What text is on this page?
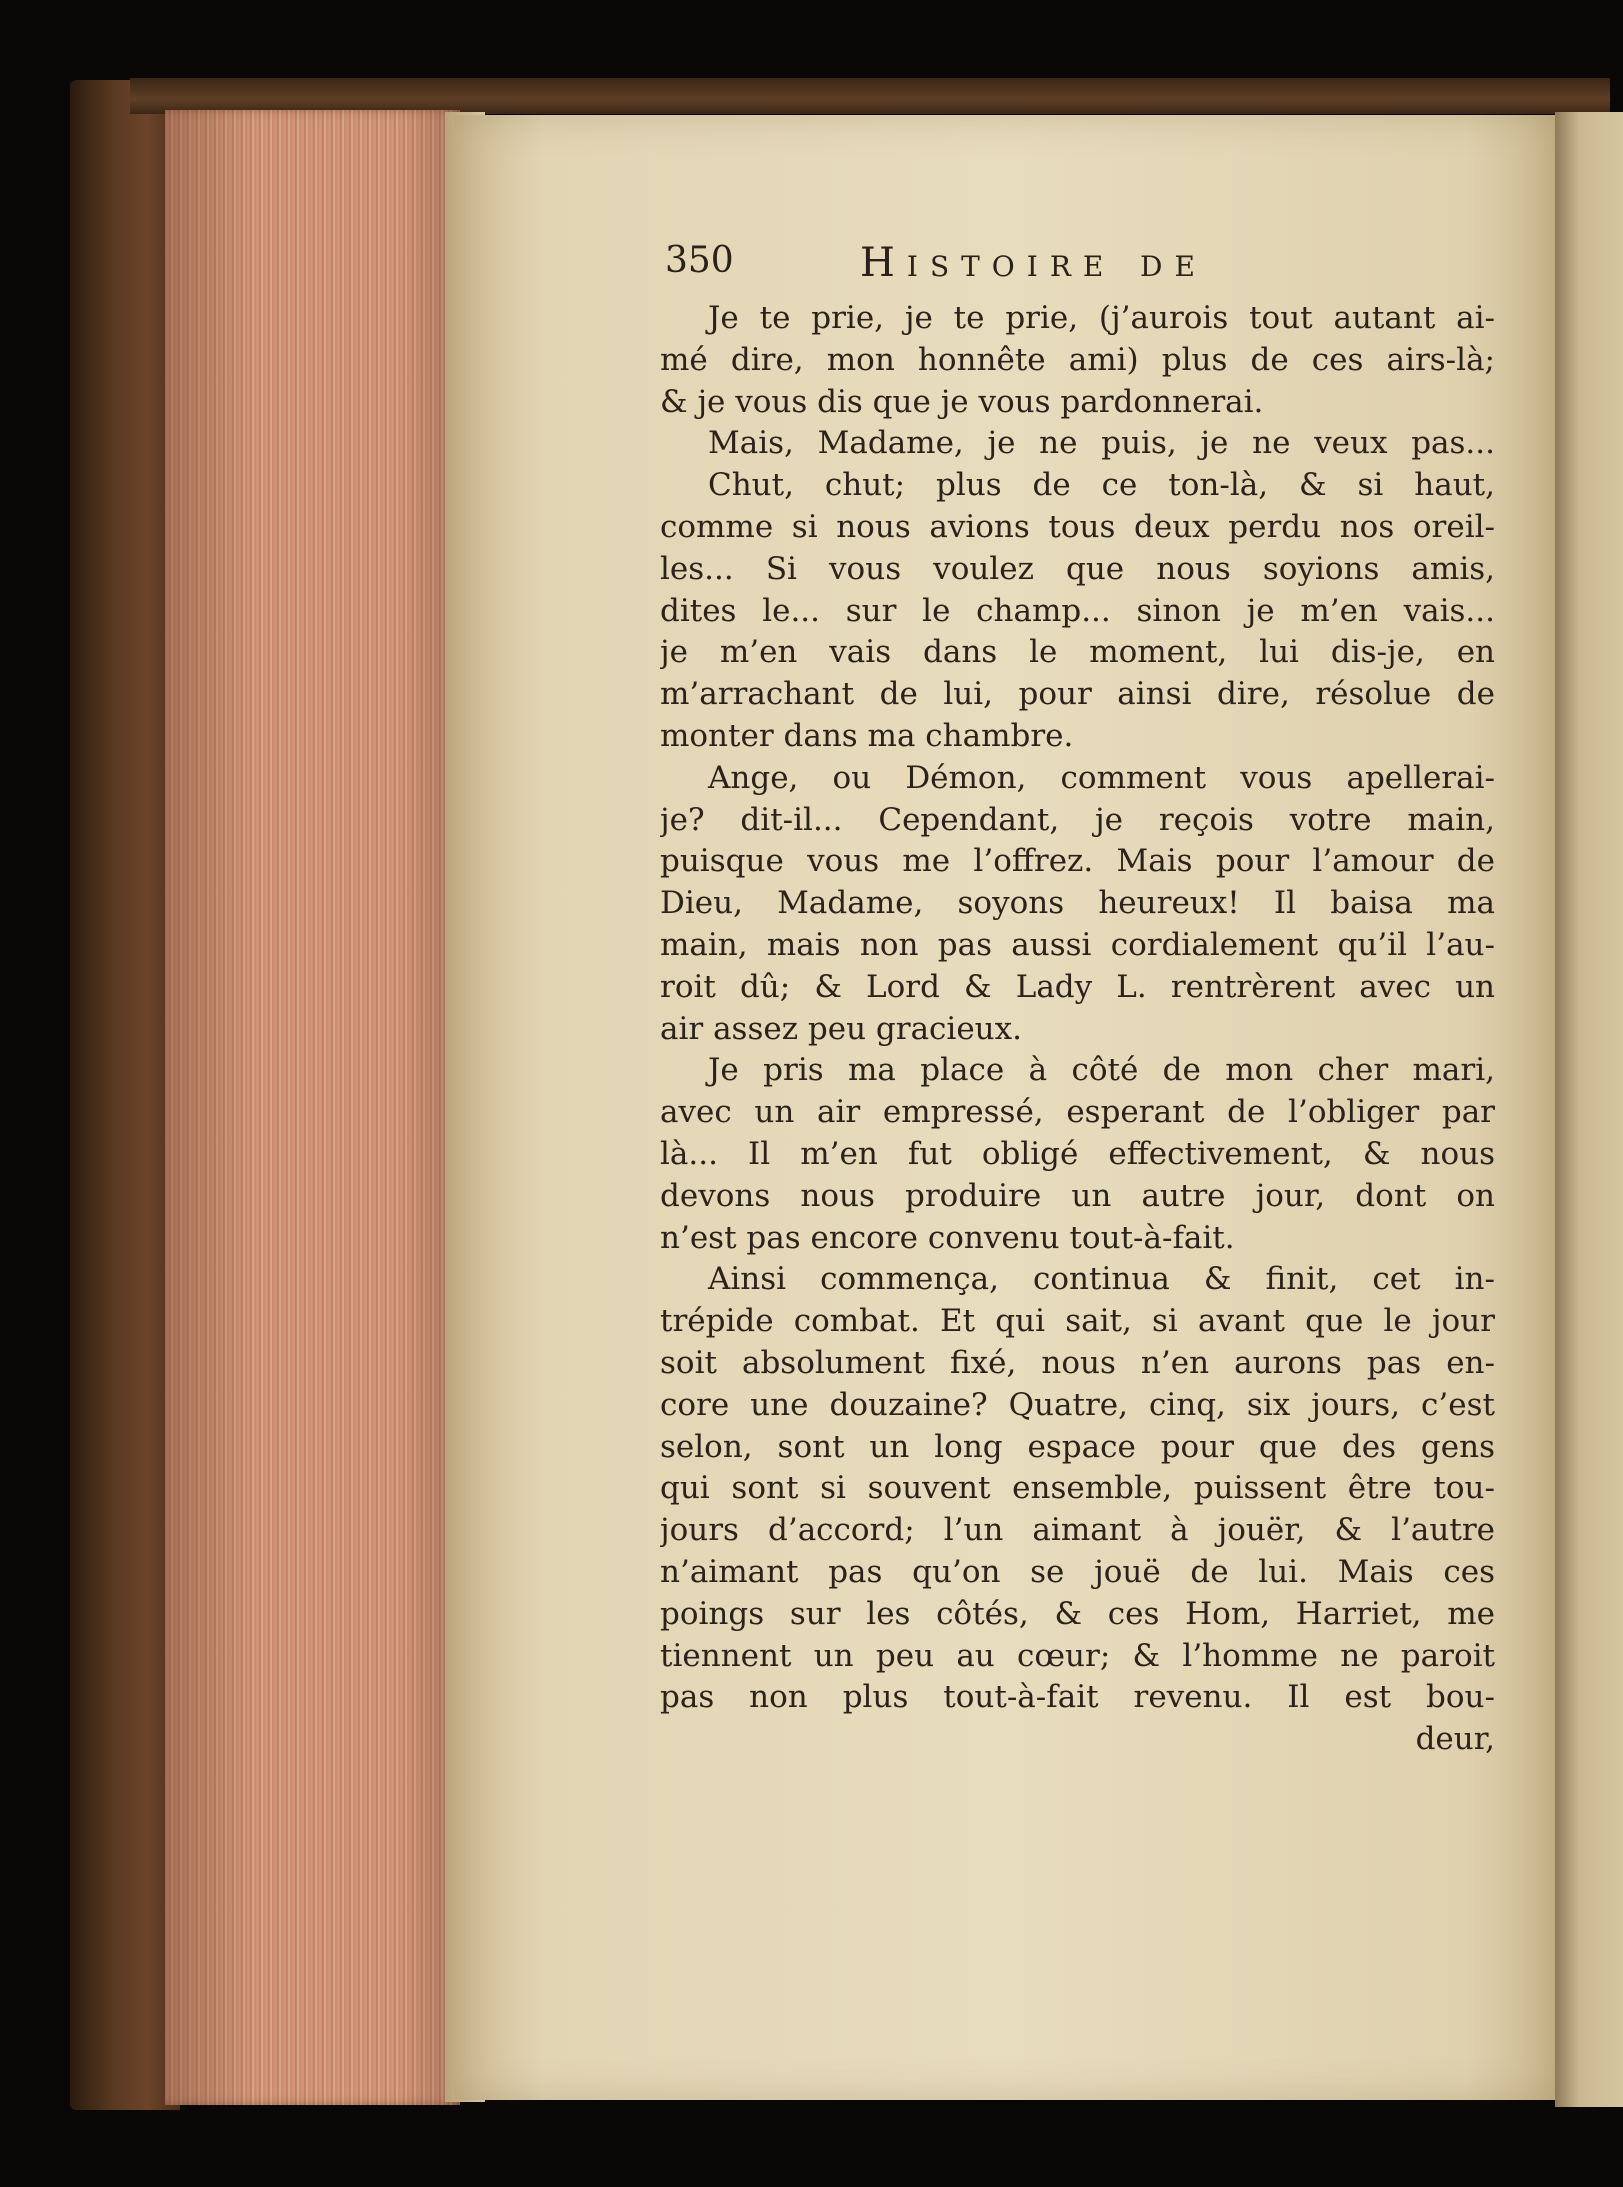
350	Histoire de
Je te prie, je te prie, (j’aurois tout autant ai-
mé dire, mon honnête ami) plus de ces airs-là;
& je vous dis que je vous pardonnerai.
Mais, Madame, je ne puis, je ne veux pas...
Chut, chut; plus de ce ton-là, & si haut,
comme si nous avions tous deux perdu nos oreil-
les... Si vous voulez que nous soyions amis,
dites le... sur le champ... sinon je m’en vais...
je m’en vais dans le moment, lui dis-je, en
m’arrachant de lui, pour ainsi dire, résolue de
monter dans ma chambre.
Ange, ou Démon, comment vous apellerai-
je? dit-il... Cependant, je reçois votre main,
puisque vous me l’offrez. Mais pour l’amour de
Dieu, Madame, soyons heureux! Il baisa ma
main, mais non pas aussi cordialement qu’il l’au-
roit dû; & Lord & Lady L. rentrèrent avec un
air assez peu gracieux.
Je pris ma place à côté de mon cher mari,
avec un air empressé, esperant de l’obliger par
là... Il m’en fut obligé effectivement, & nous
devons nous produire un autre jour, dont on
n’est pas encore convenu tout-à-fait.
Ainsi commença, continua & finit, cet in-
trépide combat. Et qui sait, si avant que le jour
soit absolument fixé, nous n’en aurons pas en-
core une douzaine? Quatre, cinq, six jours, c’est
selon, sont un long espace pour que des gens
qui sont si souvent ensemble, puissent être tou-
jours d’accord; l’un aimant à jouër, & l’autre
n’aimant pas qu’on se jouë de lui. Mais ces
poings sur les côtés, & ces Hom, Harriet, me
tiennent un peu au cœur; & l’homme ne paroit
pas non plus tout-à-fait revenu. Il est bou-
deur,
